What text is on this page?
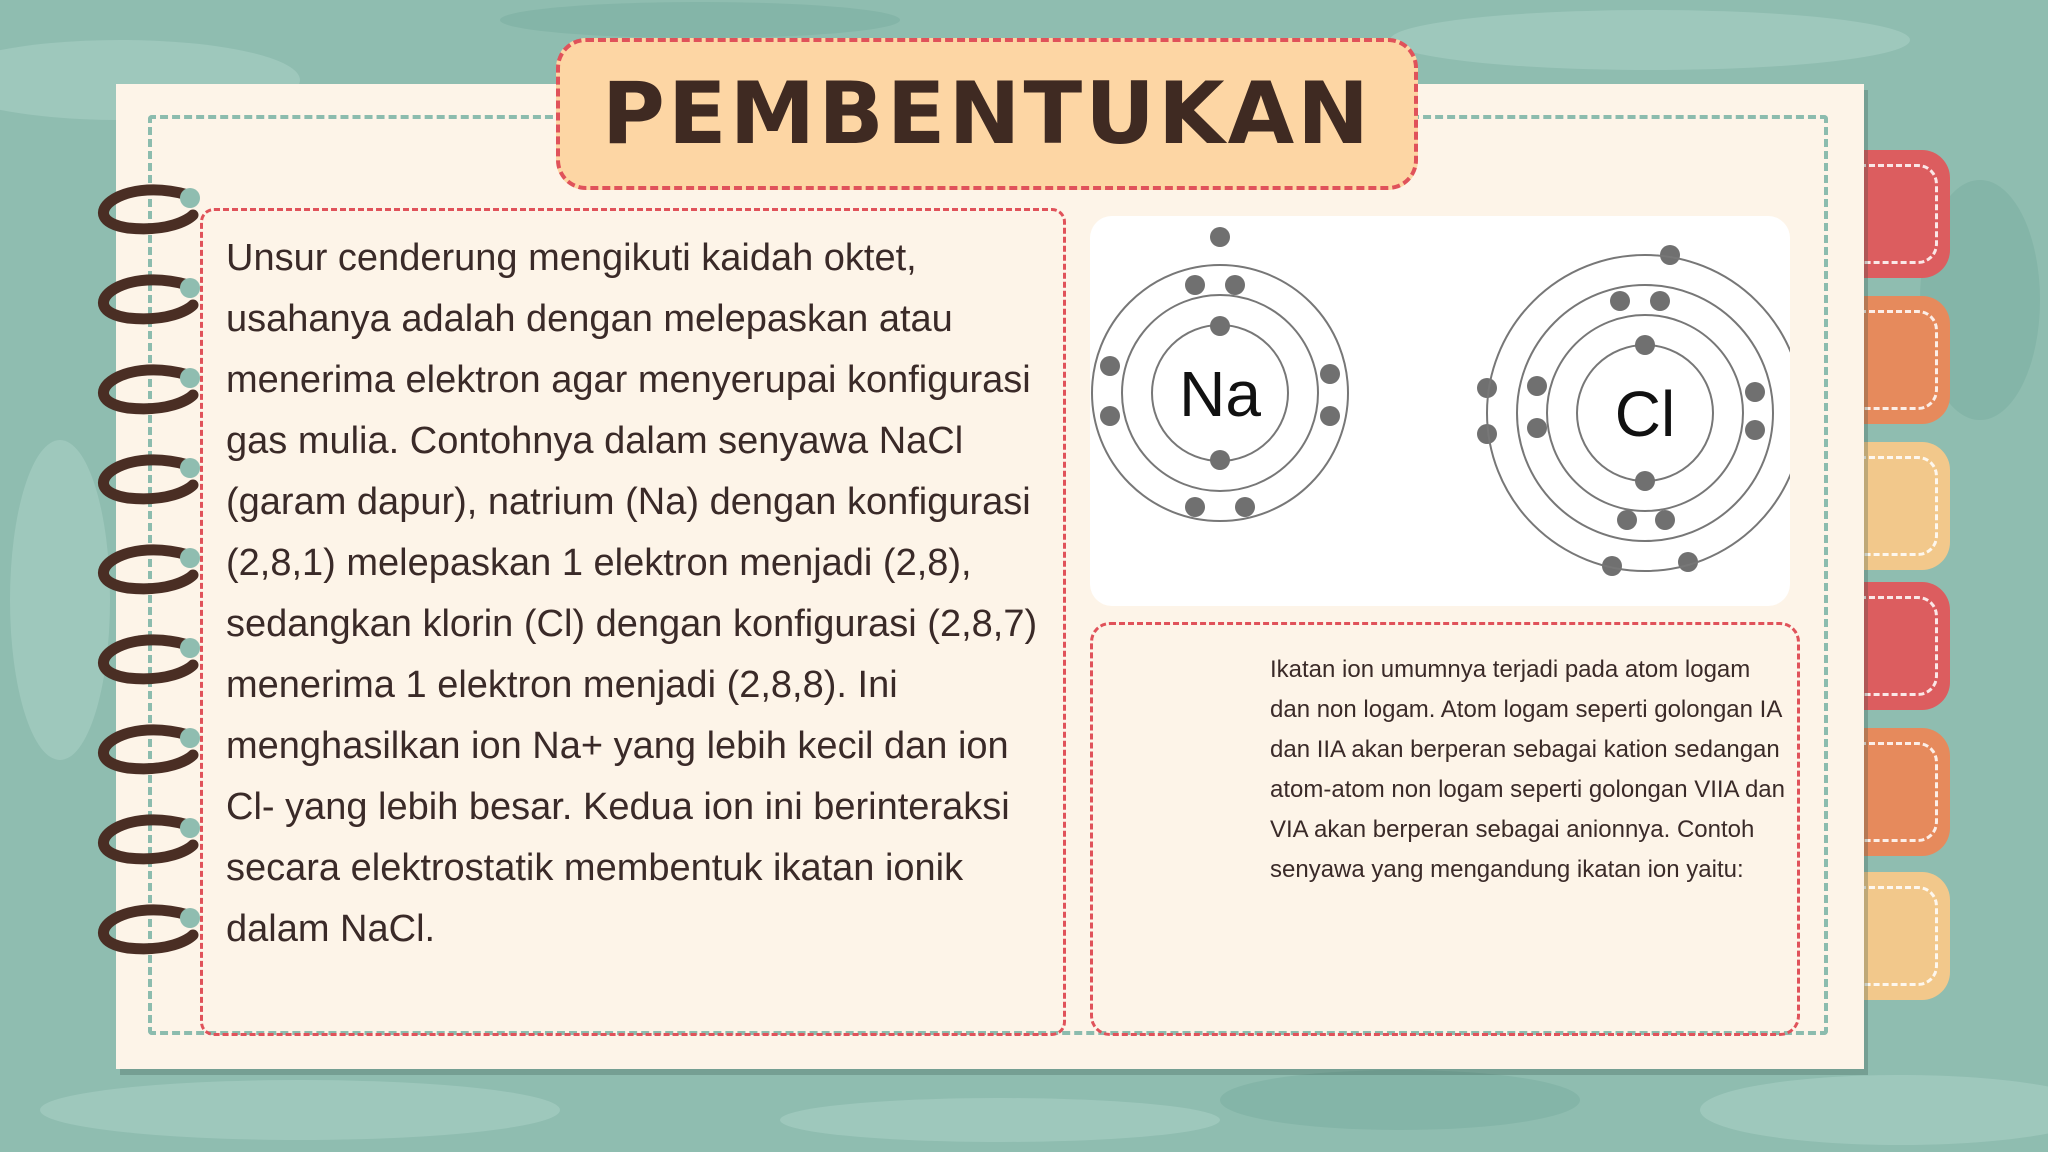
PEMBENTUKAN

Unsur cenderung mengikuti kaidah oktet, usahanya adalah dengan melepaskan atau menerima elektron agar menyerupai konfigurasi gas mulia. Contohnya dalam senyawa NaCl (garam dapur), natrium (Na) dengan konfigurasi (2,8,1) melepaskan 1 elektron menjadi (2,8), sedangkan klorin (Cl) dengan konfigurasi (2,8,7) menerima 1 elektron menjadi (2,8,8). Ini menghasilkan ion Na+ yang lebih kecil dan ion Cl- yang lebih besar. Kedua ion ini berinteraksi secara elektrostatik membentuk ikatan ionik dalam NaCl.

Na	Cl

Ikatan ion umumnya terjadi pada atom logam dan non logam. Atom logam seperti golongan IA dan IIA akan berperan sebagai kation sedangan atom-atom non logam seperti golongan VIIA dan VIA akan berperan sebagai anionnya. Contoh senyawa yang mengandung ikatan ion yaitu:
